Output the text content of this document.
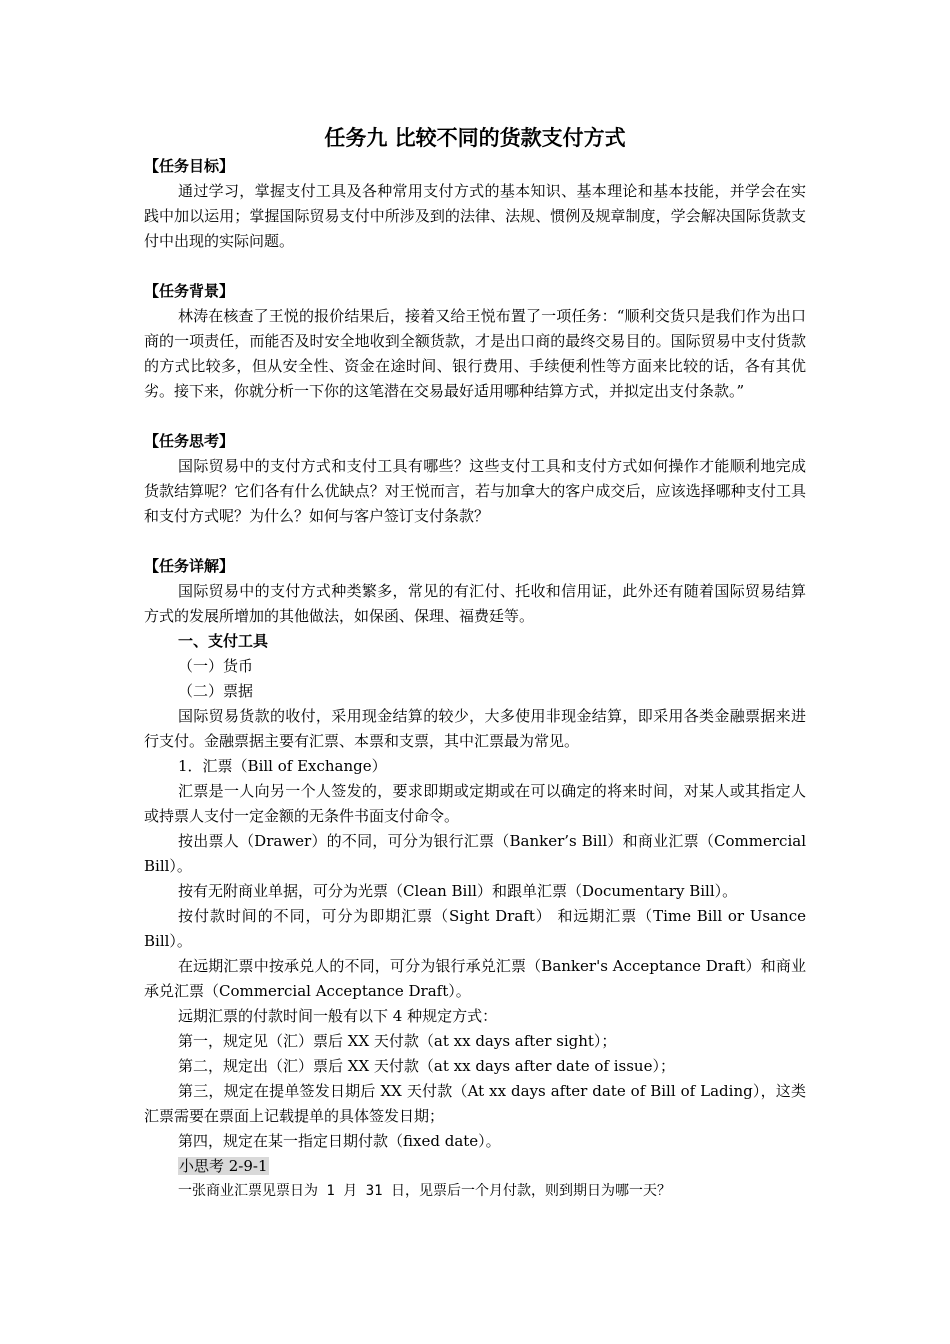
任务九 比较不同的货款支付方式
【任务目标】

通过学习，掌握支付工具及各种常用支付方式的基本知识、基本理论和基本技能，并学会在实践中加以运用；掌握国际贸易支付中所涉及到的法律、法规、惯例及规章制度，学会解决国际货款支付中出现的实际问题。

【任务背景】

林涛在核查了王悦的报价结果后，接着又给王悦布置了一项任务：“顺利交货只是我们作为出口商的一项责任，而能否及时安全地收到全额货款，才是出口商的最终交易目的。国际贸易中支付货款的方式比较多，但从安全性、资金在途时间、银行费用、手续便利性等方面来比较的话，各有其优劣。接下来，你就分析一下你的这笔潜在交易最好适用哪种结算方式，并拟定出支付条款。”

【任务思考】

国际贸易中的支付方式和支付工具有哪些？这些支付工具和支付方式如何操作才能顺利地完成货款结算呢？它们各有什么优缺点？对王悦而言，若与加拿大的客户成交后，应该选择哪种支付工具和支付方式呢？为什么？如何与客户签订支付条款？

【任务详解】

国际贸易中的支付方式种类繁多，常见的有汇付、托收和信用证，此外还有随着国际贸易结算方式的发展所增加的其他做法，如保函、保理、福费廷等。

一、支付工具

（一）货币

（二）票据

国际贸易货款的收付，采用现金结算的较少，大多使用非现金结算，即采用各类金融票据来进行支付。金融票据主要有汇票、本票和支票，其中汇票最为常见。

1．汇票（Bill of Exchange）

汇票是一人向另一个人签发的，要求即期或定期或在可以确定的将来时间，对某人或其指定人或持票人支付一定金额的无条件书面支付命令。

按出票人（Drawer）的不同，可分为银行汇票（Banker’s Bill）和商业汇票（Commercial Bill）。

按有无附商业单据，可分为光票（Clean Bill）和跟单汇票（Documentary Bill）。

按付款时间的不同，可分为即期汇票（Sight Draft） 和远期汇票（Time Bill or Usance Bill）。

在远期汇票中按承兑人的不同，可分为银行承兑汇票（Banker's Acceptance Draft）和商业承兑汇票（Commercial Acceptance Draft）。

远期汇票的付款时间一般有以下 4 种规定方式：

第一，规定见（汇）票后 XX 天付款（at xx days after sight）；

第二，规定出（汇）票后 XX 天付款（at xx days after date of issue）；

第三，规定在提单签发日期后 XX 天付款（At xx days after date of Bill of Lading），这类汇票需要在票面上记载提单的具体签发日期；

第四，规定在某一指定日期付款（fixed date）。

小思考 2-9-1

一张商业汇票见票日为 1 月 31 日，见票后一个月付款，则到期日为哪一天？
